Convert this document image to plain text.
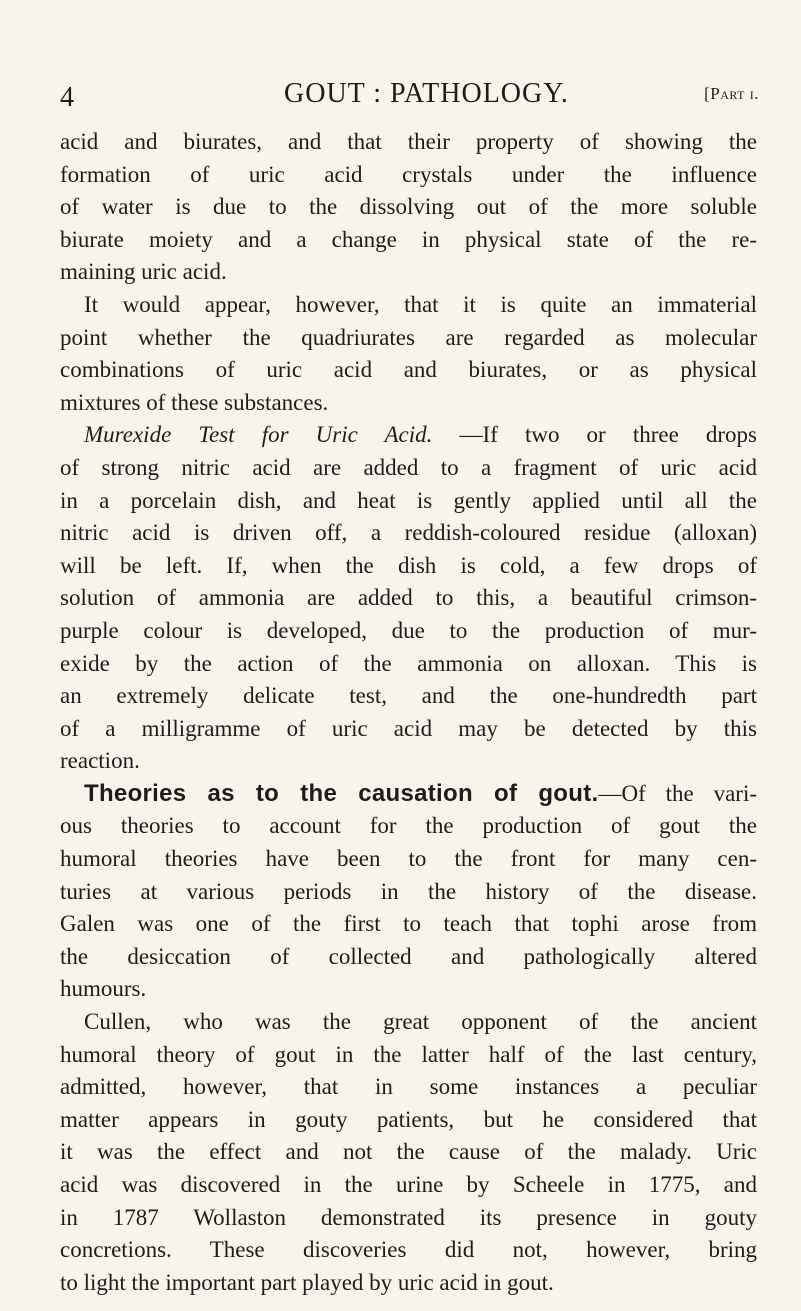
4	GOUT : PATHOLOGY.	[Part i.
acid and biurates, and that their property of showing the
formation of uric acid crystals under the influence
of water is due to the dissolving out of the more soluble
biurate moiety and a change in physical state of the re-
maining uric acid.
It would appear, however, that it is quite an immaterial
point whether the quadriurates are regarded as molecular
combinations of uric acid and biurates, or as physical
mixtures of these substances.
Murexide Test for Uric Acid. —If two or three drops
of strong nitric acid are added to a fragment of uric acid
in a porcelain dish, and heat is gently applied until all the
nitric acid is driven off, a reddish-coloured residue (alloxan)
will be left. If, when the dish is cold, a few drops of
solution of ammonia are added to this, a beautiful crimson-
purple colour is developed, due to the production of mur-
exide by the action of the ammonia on alloxan. This is
an extremely delicate test, and the one-hundredth part
of a milligramme of uric acid may be detected by this
reaction.
Theories as to the causation of gout.—Of the vari-
ous theories to account for the production of gout the
humoral theories have been to the front for many cen-
turies at various periods in the history of the disease.
Galen was one of the first to teach that tophi arose from
the desiccation of collected and pathologically altered
humours.
Cullen, who was the great opponent of the ancient
humoral theory of gout in the latter half of the last century,
admitted, however, that in some instances a peculiar
matter appears in gouty patients, but he considered that
it was the effect and not the cause of the malady. Uric
acid was discovered in the urine by Scheele in 1775, and
in 1787 Wollaston demonstrated its presence in gouty
concretions. These discoveries did not, however, bring
to light the important part played by uric acid in gout.
